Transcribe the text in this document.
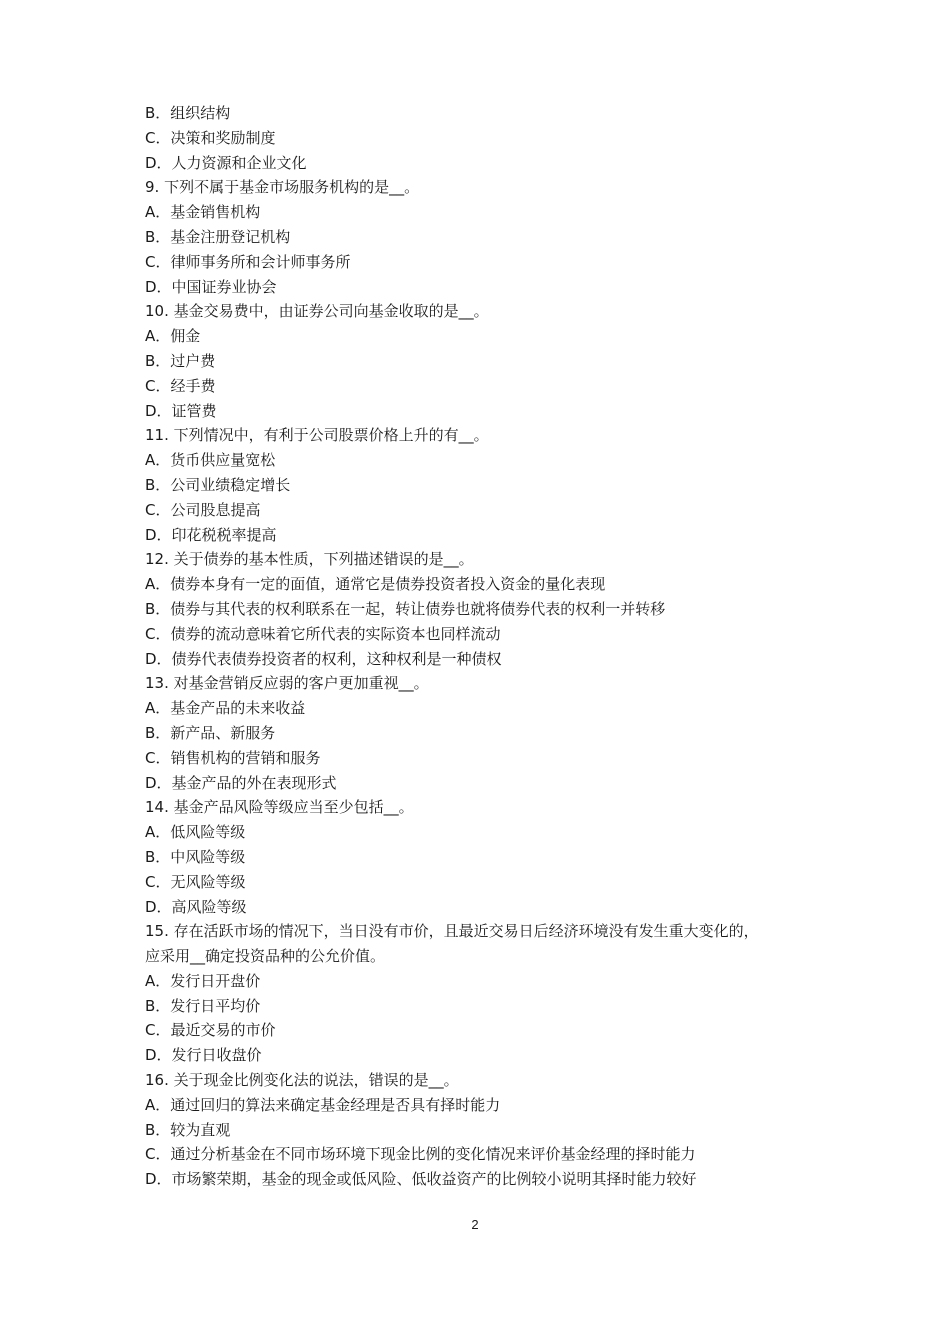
B．组织结构
C．决策和奖励制度
D．人力资源和企业文化
9. 下列不属于基金市场服务机构的是__。
A．基金销售机构
B．基金注册登记机构
C．律师事务所和会计师事务所
D．中国证券业协会
10. 基金交易费中，由证券公司向基金收取的是__。
A．佣金
B．过户费
C．经手费
D．证管费
11. 下列情况中，有利于公司股票价格上升的有__。
A．货币供应量宽松
B．公司业绩稳定增长
C．公司股息提高
D．印花税税率提高
12. 关于债券的基本性质，下列描述错误的是__。
A．债券本身有一定的面值，通常它是债券投资者投入资金的量化表现
B．债券与其代表的权利联系在一起，转让债券也就将债券代表的权利一并转移
C．债券的流动意味着它所代表的实际资本也同样流动
D．债券代表债券投资者的权利，这种权利是一种债权
13. 对基金营销反应弱的客户更加重视__。
A．基金产品的未来收益
B．新产品、新服务
C．销售机构的营销和服务
D．基金产品的外在表现形式
14. 基金产品风险等级应当至少包括__。
A．低风险等级
B．中风险等级
C．无风险等级
D．高风险等级
15. 存在活跃市场的情况下，当日没有市价，且最近交易日后经济环境没有发生重大变化的，
应采用__确定投资品种的公允价值。
A．发行日开盘价
B．发行日平均价
C．最近交易的市价
D．发行日收盘价
16. 关于现金比例变化法的说法，错误的是__。
A．通过回归的算法来确定基金经理是否具有择时能力
B．较为直观
C．通过分析基金在不同市场环境下现金比例的变化情况来评价基金经理的择时能力
D．市场繁荣期，基金的现金或低风险、低收益资产的比例较小说明其择时能力较好
2
